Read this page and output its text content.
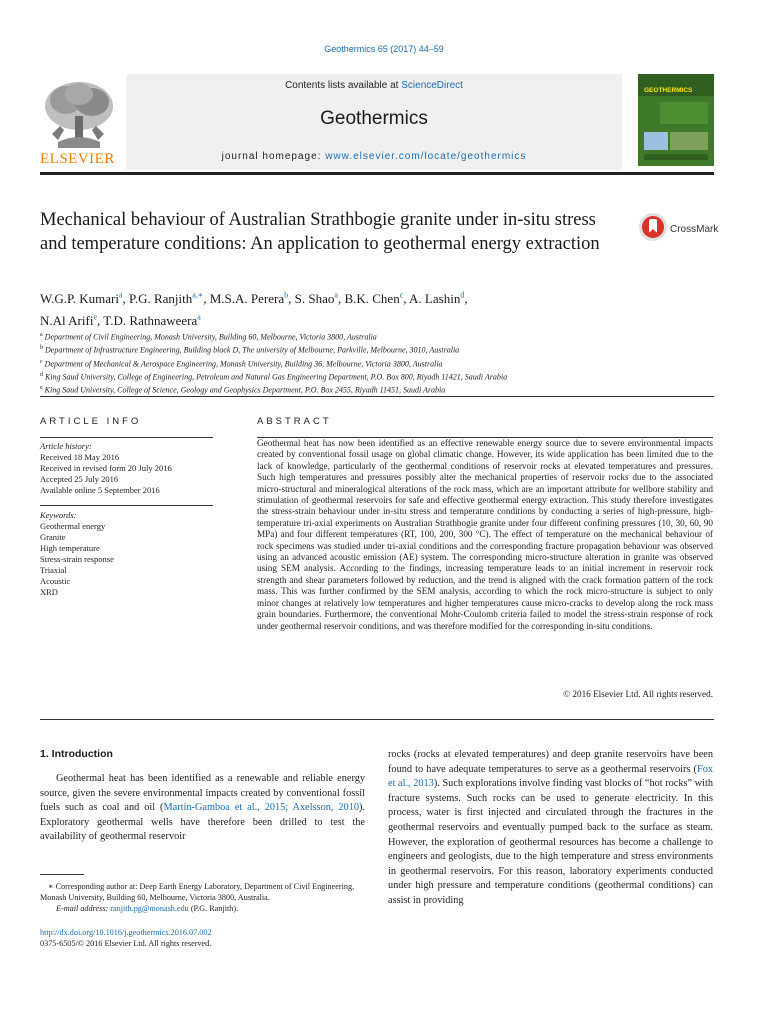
Geothermics 65 (2017) 44–59
ELSEVIER
Contents lists available at ScienceDirect
Geothermics
journal homepage: www.elsevier.com/locate/geothermics
GEOTHERMICS
Mechanical behaviour of Australian Strathbogie granite under in-situ stress and temperature conditions: An application to geothermal energy extraction
CrossMark
W.G.P. Kumari$^a$, P.G. Ranjith$^{a,∗}$, M.S.A. Perera$^b$, S. Shao$^a$, B.K. Chen$^c$, A. Lashin$^d$,
N.Al Arifi$^e$, T.D. Rathnaweera$^a$
$^a$ Department of Civil Engineering, Monash University, Building 60, Melbourne, Victoria 3800, Australia
$^b$ Department of Infrastructure Engineering, Building block D, The university of Melbourne, Parkville, Melbourne, 3010, Australia
$^c$ Department of Mechanical & Aerospace Engineering, Monash University, Building 36, Melbourne, Victoria 3800, Australia
$^d$ King Saud University, College of Engineering, Petroleum and Natural Gas Engineering Department, P.O. Box 800, Riyadh 11421, Saudi Arabia
$^e$ King Saud University, College of Science, Geology and Geophysics Department, P.O. Box 2455, Riyadh 11451, Saudi Arabia
ARTICLE INFO
Article history:
Received 18 May 2016
Received in revised form 20 July 2016
Accepted 25 July 2016
Available online 5 September 2016
Keywords:
Geothermal energy
Granite
High temperature
Stress-strain response
Triaxial
Acoustic
XRD
ABSTRACT
Geothermal heat has now been identified as an effective renewable energy source due to severe environmental impacts created by conventional fossil usage on global climatic change. However, its wide application has been limited due to the lack of knowledge, particularly of the geothermal conditions of reservoir rocks at elevated temperatures and pressures. Such high temperatures and pressures possibly alter the mechanical properties of reservoir rocks due to the associated micro-structural and mineralogical alterations of the rock mass, which are an important attribute for wellbore stability and stimulation of geothermal reservoirs for safe and effective geothermal energy extraction. This study therefore investigates the stress-strain behaviour under in-situ stress and temperature conditions by conducting a series of high-pressure, high-temperature tri-axial experiments on Australian Strathbogie granite under four different confining pressures (10, 30, 60, 90 MPa) and four different temperatures (RT, 100, 200, 300 °C). The effect of temperature on the mechanical behaviour of rock specimens was studied under tri-axial conditions and the corresponding fracture propagation behaviour was observed using an advanced acoustic emission (AE) system. The corresponding micro-structure alteration in granite was observed using SEM analysis. According to the findings, increasing temperature leads to an initial increment in reservoir rock strength and shear parameters followed by reduction, and the trend is aligned with the crack formation pattern of the rock mass. This was further confirmed by the SEM analysis, according to which the rock micro-structure is subject to only minor changes at relatively low temperatures and higher temperatures cause micro-cracks to develop along the rock mass grain boundaries. Furthermore, the conventional Mohr-Coulomb criteria failed to model the stress-strain response of rock under geothermal reservoir conditions, and was therefore modified for the corresponding in-situ conditions.
© 2016 Elsevier Ltd. All rights reserved.
1. Introduction
Geothermal heat has been identified as a renewable and reliable energy source, given the severe environmental impacts created by conventional fossil fuels such as coal and oil (Martín-Gamboa et al., 2015; Axelsson, 2010). Exploratory geothermal wells have therefore been drilled to test the availability of geothermal reservoir
rocks (rocks at elevated temperatures) and deep granite reservoirs have been found to have adequate temperatures to serve as a geothermal reservoirs (Fox et al., 2013). Such explorations involve finding vast blocks of “hot rocks” with fracture systems. Such rocks can be used to generate electricity. In this process, water is first injected and circulated through the fractures in the geothermal reservoirs and eventually pumped back to the surface as steam. However, the exploration of geothermal resources has become a challenge to engineers and geologists, due to the high temperature and stress environments in geothermal reservoirs. For this reason, laboratory experiments conducted under high pressure and temperature conditions (geothermal conditions) can assist in providing
∗ Corresponding author at: Deep Earth Energy Laboratory, Department of Civil Engineering, Monash University, Building 60, Melbourne, Victoria 3800, Australia.
E-mail address: ranjith.pg@monash.edu (P.G. Ranjith).
http://dx.doi.org/10.1016/j.geothermics.2016.07.002
0375-6505/© 2016 Elsevier Ltd. All rights reserved.
